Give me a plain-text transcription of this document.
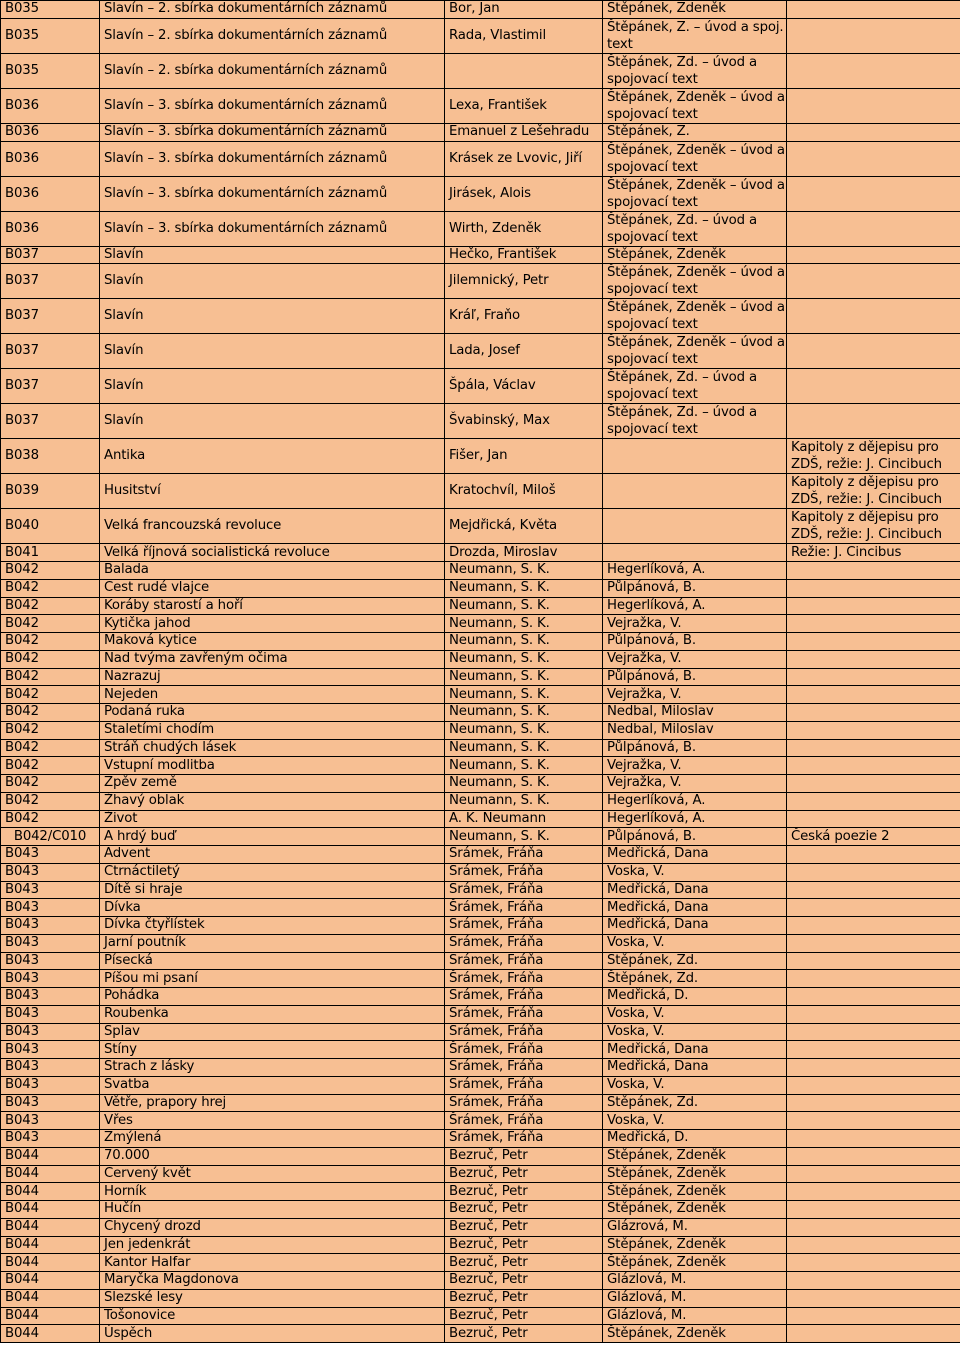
B035	Slavín – 2. sbírka dokumentárních záznamů	Bor, Jan	Štěpánek, Zdeněk	
B035	Slavín – 2. sbírka dokumentárních záznamů	Rada, Vlastimil	Štěpánek, Z. – úvod a spoj. text	
B035	Slavín – 2. sbírka dokumentárních záznamů		Štěpánek, Zd. – úvod a spojovací text	
B036	Slavín – 3. sbírka dokumentárních záznamů	Lexa, František	Štěpánek, Zdeněk – úvod a spojovací text	
B036	Slavín – 3. sbírka dokumentárních záznamů	Emanuel z Lešehradu	Štěpánek, Z.	
B036	Slavín – 3. sbírka dokumentárních záznamů	Krásek ze Lvovic, Jiří	Štěpánek, Zdeněk – úvod a spojovací text	
B036	Slavín – 3. sbírka dokumentárních záznamů	Jirásek, Alois	Štěpánek, Zdeněk – úvod a spojovací text	
B036	Slavín – 3. sbírka dokumentárních záznamů	Wirth, Zdeněk	Štěpánek, Zd. – úvod a spojovací text	
B037	Slavín	Hečko, František	Štěpánek, Zdeněk	
B037	Slavín	Jilemnický, Petr	Štěpánek, Zdeněk – úvod a spojovací text	
B037	Slavín	Kráľ, Fraňo	Štěpánek, Zdeněk – úvod a spojovací text	
B037	Slavín	Lada, Josef	Štěpánek, Zdeněk – úvod a spojovací text	
B037	Slavín	Špála, Václav	Štěpánek, Zd. – úvod a spojovací text	
B037	Slavín	Švabinský, Max	Štěpánek, Zd. – úvod a spojovací text	
B038	Antika	Fišer, Jan		Kapitoly z dějepisu pro ZDŠ, režie: J. Cincibuch
B039	Husitství	Kratochvíl, Miloš		Kapitoly z dějepisu pro ZDŠ, režie: J. Cincibuch
B040	Velká francouzská revoluce	Mejdřická, Květa		Kapitoly z dějepisu pro ZDŠ, režie: J. Cincibuch
B041	Velká říjnová socialistická revoluce	Drozda, Miroslav		Režie: J. Cincibus
B042	Balada	Neumann, S. K.	Hegerlíková, A.	
B042	Čest rudé vlajce	Neumann, S. K.	Půlpánová, B.	
B042	Koráby starostí a hoří	Neumann, S. K.	Hegerlíková, A.	
B042	Kytička jahod	Neumann, S. K.	Vejražka, V.	
B042	Maková kytice	Neumann, S. K.	Půlpánová, B.	
B042	Nad tvýma zavřeným očima	Neumann, S. K.	Vejražka, V.	
B042	Nazrazuj	Neumann, S. K.	Půlpánová, B.	
B042	Nejeden	Neumann, S. K.	Vejražka, V.	
B042	Podaná ruka	Neumann, S. K.	Nedbal, Miloslav	
B042	Staletími chodím	Neumann, S. K.	Nedbal, Miloslav	
B042	Stráň chudých lásek	Neumann, S. K.	Půlpánová, B.	
B042	Vstupní modlitba	Neumann, S. K.	Vejražka, V.	
B042	Zpěv země	Neumann, S. K.	Vejražka, V.	
B042	Žhavý oblak	Neumann, S. K.	Hegerlíková, A.	
B042	Život	A. K. Neumann	Hegerlíková, A.	
B042/C010	A hrdý buď	Neumann, S. K.	Půlpánová, B.	Česká poezie 2
B043	Advent	Šrámek, Fráňa	Medřická, Dana	
B043	Čtrnáctiletý	Šrámek, Fráňa	Voska, V.	
B043	Dítě si hraje	Šrámek, Fráňa	Medřická, Dana	
B043	Dívka	Šrámek, Fráňa	Medřická, Dana	
B043	Dívka čtyřlístek	Šrámek, Fráňa	Medřická, Dana	
B043	Jarní poutník	Šrámek, Fráňa	Voska, V.	
B043	Písecká	Šrámek, Fráňa	Štěpánek, Zd.	
B043	Píšou mi psaní	Šrámek, Fráňa	Štěpánek, Zd.	
B043	Pohádka	Šrámek, Fráňa	Medřická, D.	
B043	Roubenka	Šrámek, Fráňa	Voska, V.	
B043	Splav	Šrámek, Fráňa	Voska, V.	
B043	Stíny	Šrámek, Fráňa	Medřická, Dana	
B043	Strach z lásky	Šrámek, Fráňa	Medřická, Dana	
B043	Svatba	Šrámek, Fráňa	Voska, V.	
B043	Větře, prapory hrej	Šrámek, Fráňa	Štěpánek, Zd.	
B043	Vřes	Šrámek, Fráňa	Voska, V.	
B043	Zmýlená	Šrámek, Fráňa	Medřická, D.	
B044	70.000	Bezruč, Petr	Štěpánek, Zdeněk	
B044	Červený květ	Bezruč, Petr	Štěpánek, Zdeněk	
B044	Horník	Bezruč, Petr	Štěpánek, Zdeněk	
B044	Hučín	Bezruč, Petr	Štěpánek, Zdeněk	
B044	Chycený drozd	Bezruč, Petr	Glázrová, M.	
B044	Jen jedenkrát	Bezruč, Petr	Štěpánek, Zdeněk	
B044	Kantor Halfar	Bezruč, Petr	Štěpánek, Zdeněk	
B044	Maryčka Magdonova	Bezruč, Petr	Glázlová, M.	
B044	Slezské lesy	Bezruč, Petr	Glázlová, M.	
B044	Tošonovice	Bezruč, Petr	Glázlová, M.	
B044	Úspěch	Bezruč, Petr	Štěpánek, Zdeněk	
